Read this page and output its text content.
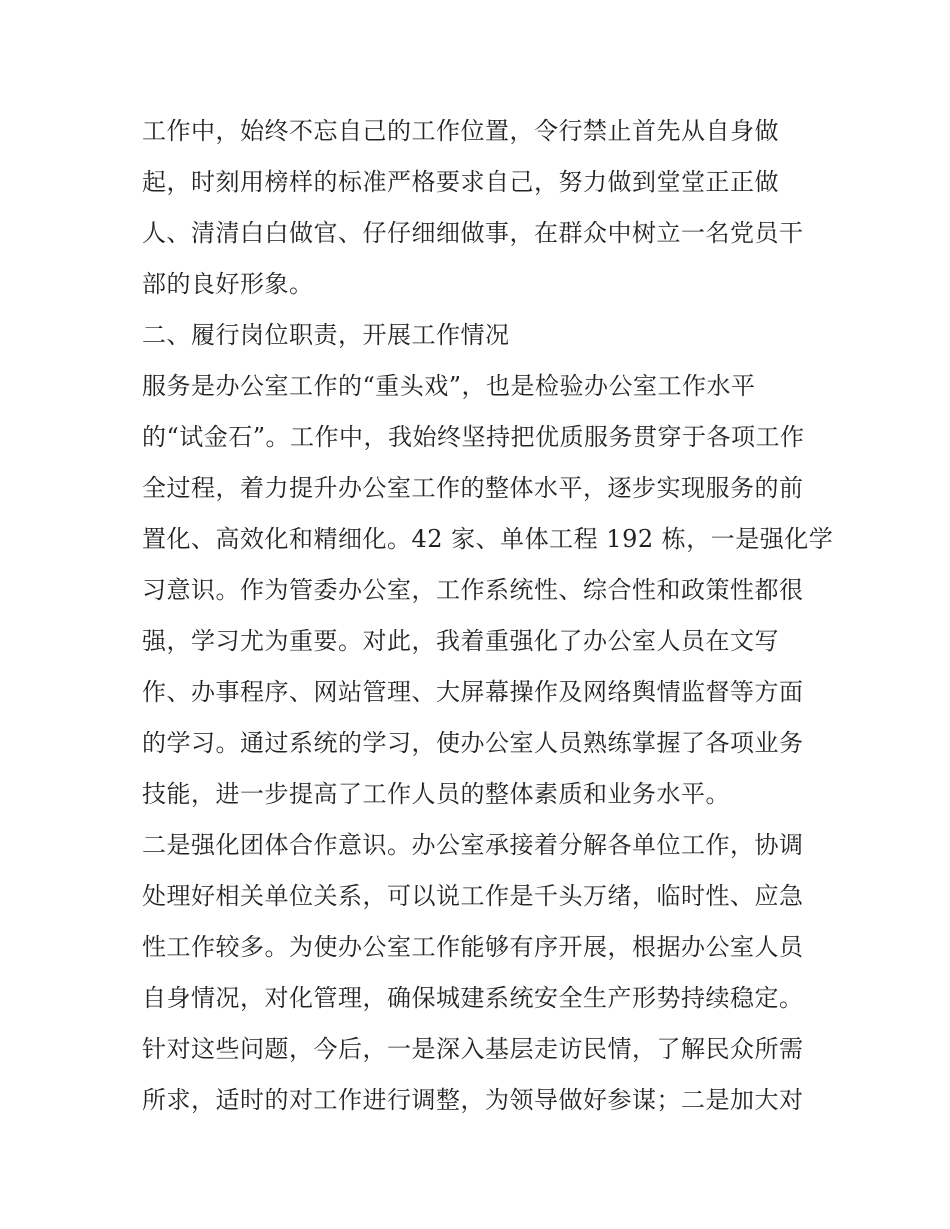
工作中，始终不忘自己的工作位置，令行禁止首先从自身做
起，时刻用榜样的标准严格要求自己，努力做到堂堂正正做
人、清清白白做官、仔仔细细做事，在群众中树立一名党员干
部的良好形象。
二、履行岗位职责，开展工作情况
服务是办公室工作的“重头戏”，也是检验办公室工作水平
的“试金石”。工作中，我始终坚持把优质服务贯穿于各项工作
全过程，着力提升办公室工作的整体水平，逐步实现服务的前
置化、高效化和精细化。42 家、单体工程 192 栋，一是强化学
习意识。作为管委办公室，工作系统性、综合性和政策性都很
强，学习尤为重要。对此，我着重强化了办公室人员在文写
作、办事程序、网站管理、大屏幕操作及网络舆情监督等方面
的学习。通过系统的学习，使办公室人员熟练掌握了各项业务
技能，进一步提高了工作人员的整体素质和业务水平。
二是强化团体合作意识。办公室承接着分解各单位工作，协调
处理好相关单位关系，可以说工作是千头万绪，临时性、应急
性工作较多。为使办公室工作能够有序开展，根据办公室人员
自身情况，对化管理，确保城建系统安全生产形势持续稳定。
针对这些问题，今后，一是深入基层走访民情，了解民众所需
所求，适时的对工作进行调整，为领导做好参谋；二是加大对
